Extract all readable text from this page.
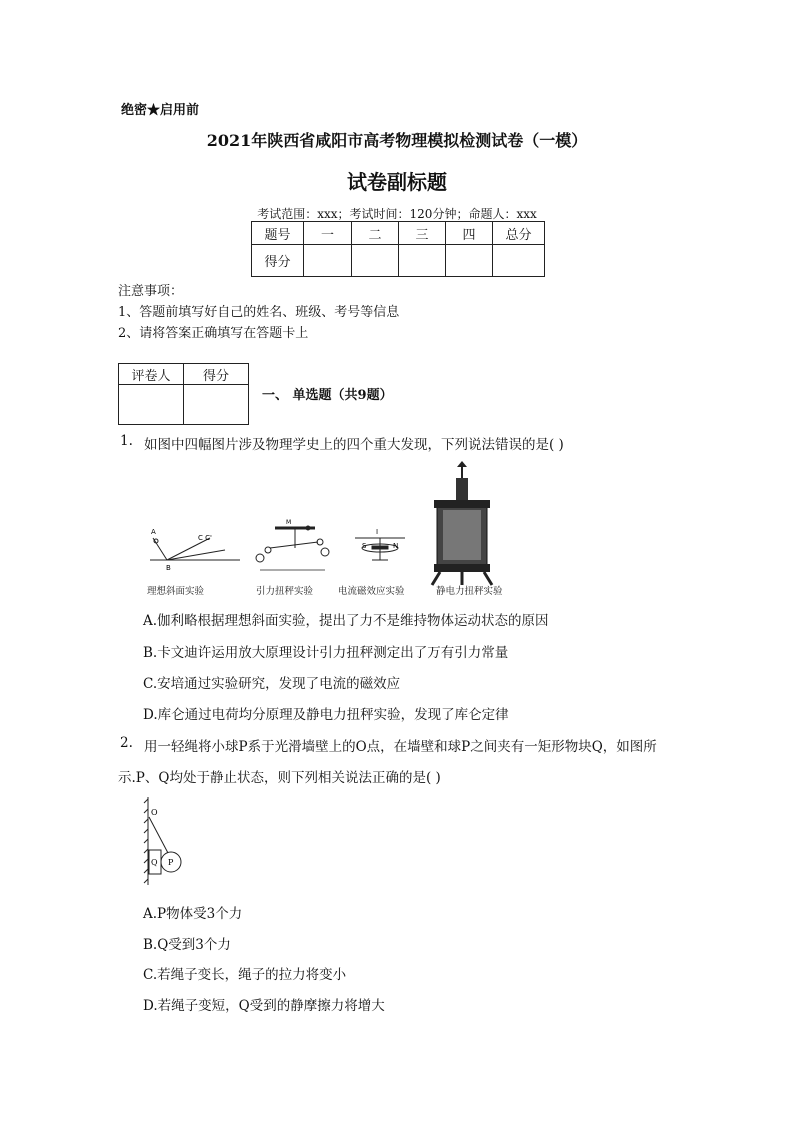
绝密★启用前
2021年陕西省咸阳市高考物理模拟检测试卷（一模）
试卷副标题
考试范围：xxx；考试时间：120分钟；命题人：xxx
题号	一	二	三	四	总分
得分					
注意事项：
1、答题前填写好自己的姓名、班级、考号等信息
2、请将答案正确填写在答题卡上
评卷人	得分

一、 单选题（共9题）
1. 如图中四幅图片涉及物理学史上的四个重大发现，下列说法错误的是( )
A
B
C C'
M
I
S	N
理想斜面实验	引力扭秤实验	电流磁效应实验	静电力扭秤实验
A.伽利略根据理想斜面实验，提出了力不是维持物体运动状态的原因
B.卡文迪许运用放大原理设计引力扭秤测定出了万有引力常量
C.安培通过实验研究，发现了电流的磁效应
D.库仑通过电荷均分原理及静电力扭秤实验，发现了库仑定律
2. 用一轻绳将小球P系于光滑墙壁上的O点，在墙壁和球P之间夹有一矩形物块Q，如图所
示.P、Q均处于静止状态，则下列相关说法正确的是( )
O
Q P
A.P物体受3个力
B.Q受到3个力
C.若绳子变长，绳子的拉力将变小
D.若绳子变短，Q受到的静摩擦力将增大
